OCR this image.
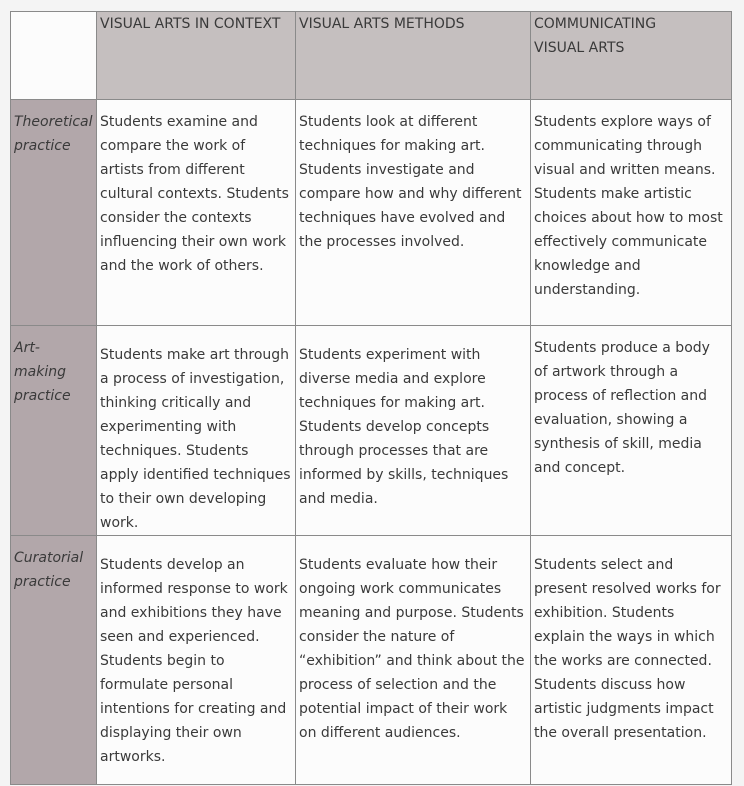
	VISUAL ARTS IN CONTEXT	VISUAL ARTS METHODS	COMMUNICATING
VISUAL ARTS

Theoretical practice	Students examine and compare the work of artists from different cultural contexts. Students consider the contexts influencing their own work and the work of others.	Students look at different techniques for making art. Students investigate and compare how and why different techniques have evolved and the processes involved.	Students explore ways of communicating through visual and written means. Students make artistic choices about how to most effectively communicate knowledge and understanding.

Art-
making
practice	Students make art through a process of investigation, thinking critically and experimenting with techniques. Students apply identified techniques to their own developing work.	Students experiment with diverse media and explore techniques for making art. Students develop concepts through processes that are informed by skills, techniques and media.	Students produce a body of artwork through a process of reflection and evaluation, showing a synthesis of skill, media and concept.

Curatorial practice	Students develop an informed response to work and exhibitions they have seen and experienced. Students begin to formulate personal intentions for creating and displaying their own artworks.	Students evaluate how their ongoing work communicates meaning and purpose. Students consider the nature of “exhibition” and think about the process of selection and the potential impact of their work on different audiences.	Students select and present resolved works for exhibition. Students explain the ways in which the works are connected. Students discuss how artistic judgments impact the overall presentation.
